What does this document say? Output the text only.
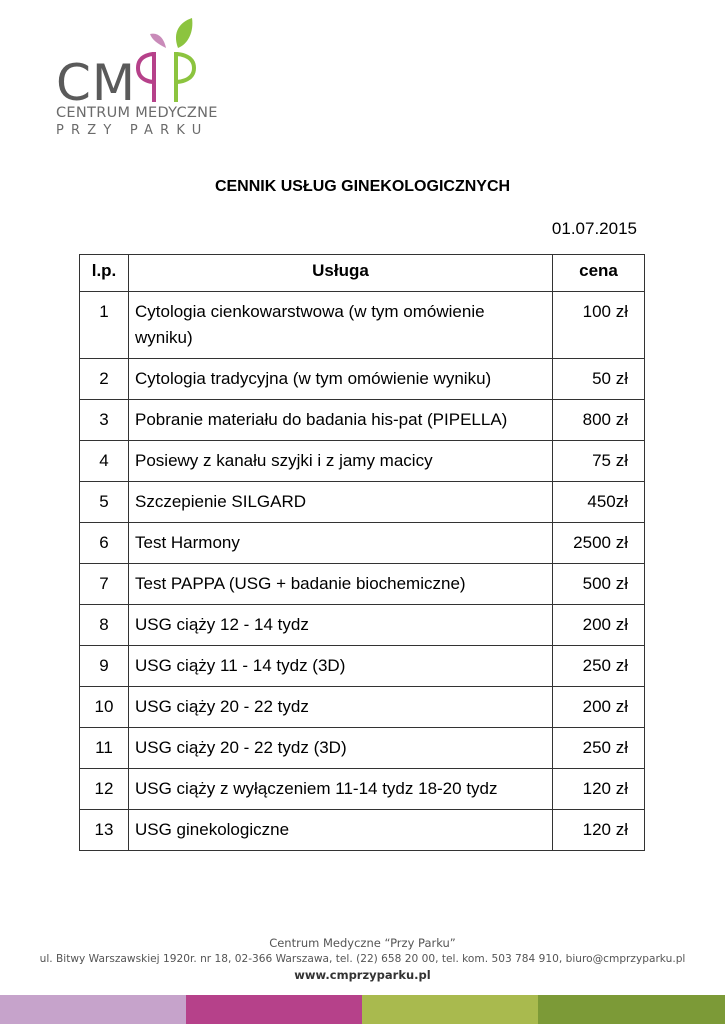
CM
CENTRUM MEDYCZNE
PRZY PARKU
CENNIK USŁUG GINEKOLOGICZNYCH
01.07.2015
l.p.	Usługa	cena
1	Cytologia cienkowarstwowa (w tym omówienie wyniku)	100 zł
2	Cytologia tradycyjna (w tym omówienie wyniku)	50 zł
3	Pobranie materiału do badania his-pat (PIPELLA)	800 zł
4	Posiewy z kanału szyjki i z jamy macicy	75 zł
5	Szczepienie SILGARD	450zł
6	Test Harmony	2500 zł
7	Test PAPPA (USG + badanie biochemiczne)	500 zł
8	USG ciąży 12 - 14 tydz	200 zł
9	USG ciąży 11 - 14 tydz (3D)	250 zł
10	USG ciąży 20 - 22 tydz	200 zł
11	USG ciąży 20 - 22 tydz (3D)	250 zł
12	USG ciąży z wyłączeniem 11-14 tydz 18-20 tydz	120 zł
13	USG ginekologiczne	120 zł
Centrum Medyczne “Przy Parku”
ul. Bitwy Warszawskiej 1920r. nr 18, 02-366 Warszawa, tel. (22) 658 20 00, tel. kom. 503 784 910, biuro@cmprzyparku.pl
www.cmprzyparku.pl
